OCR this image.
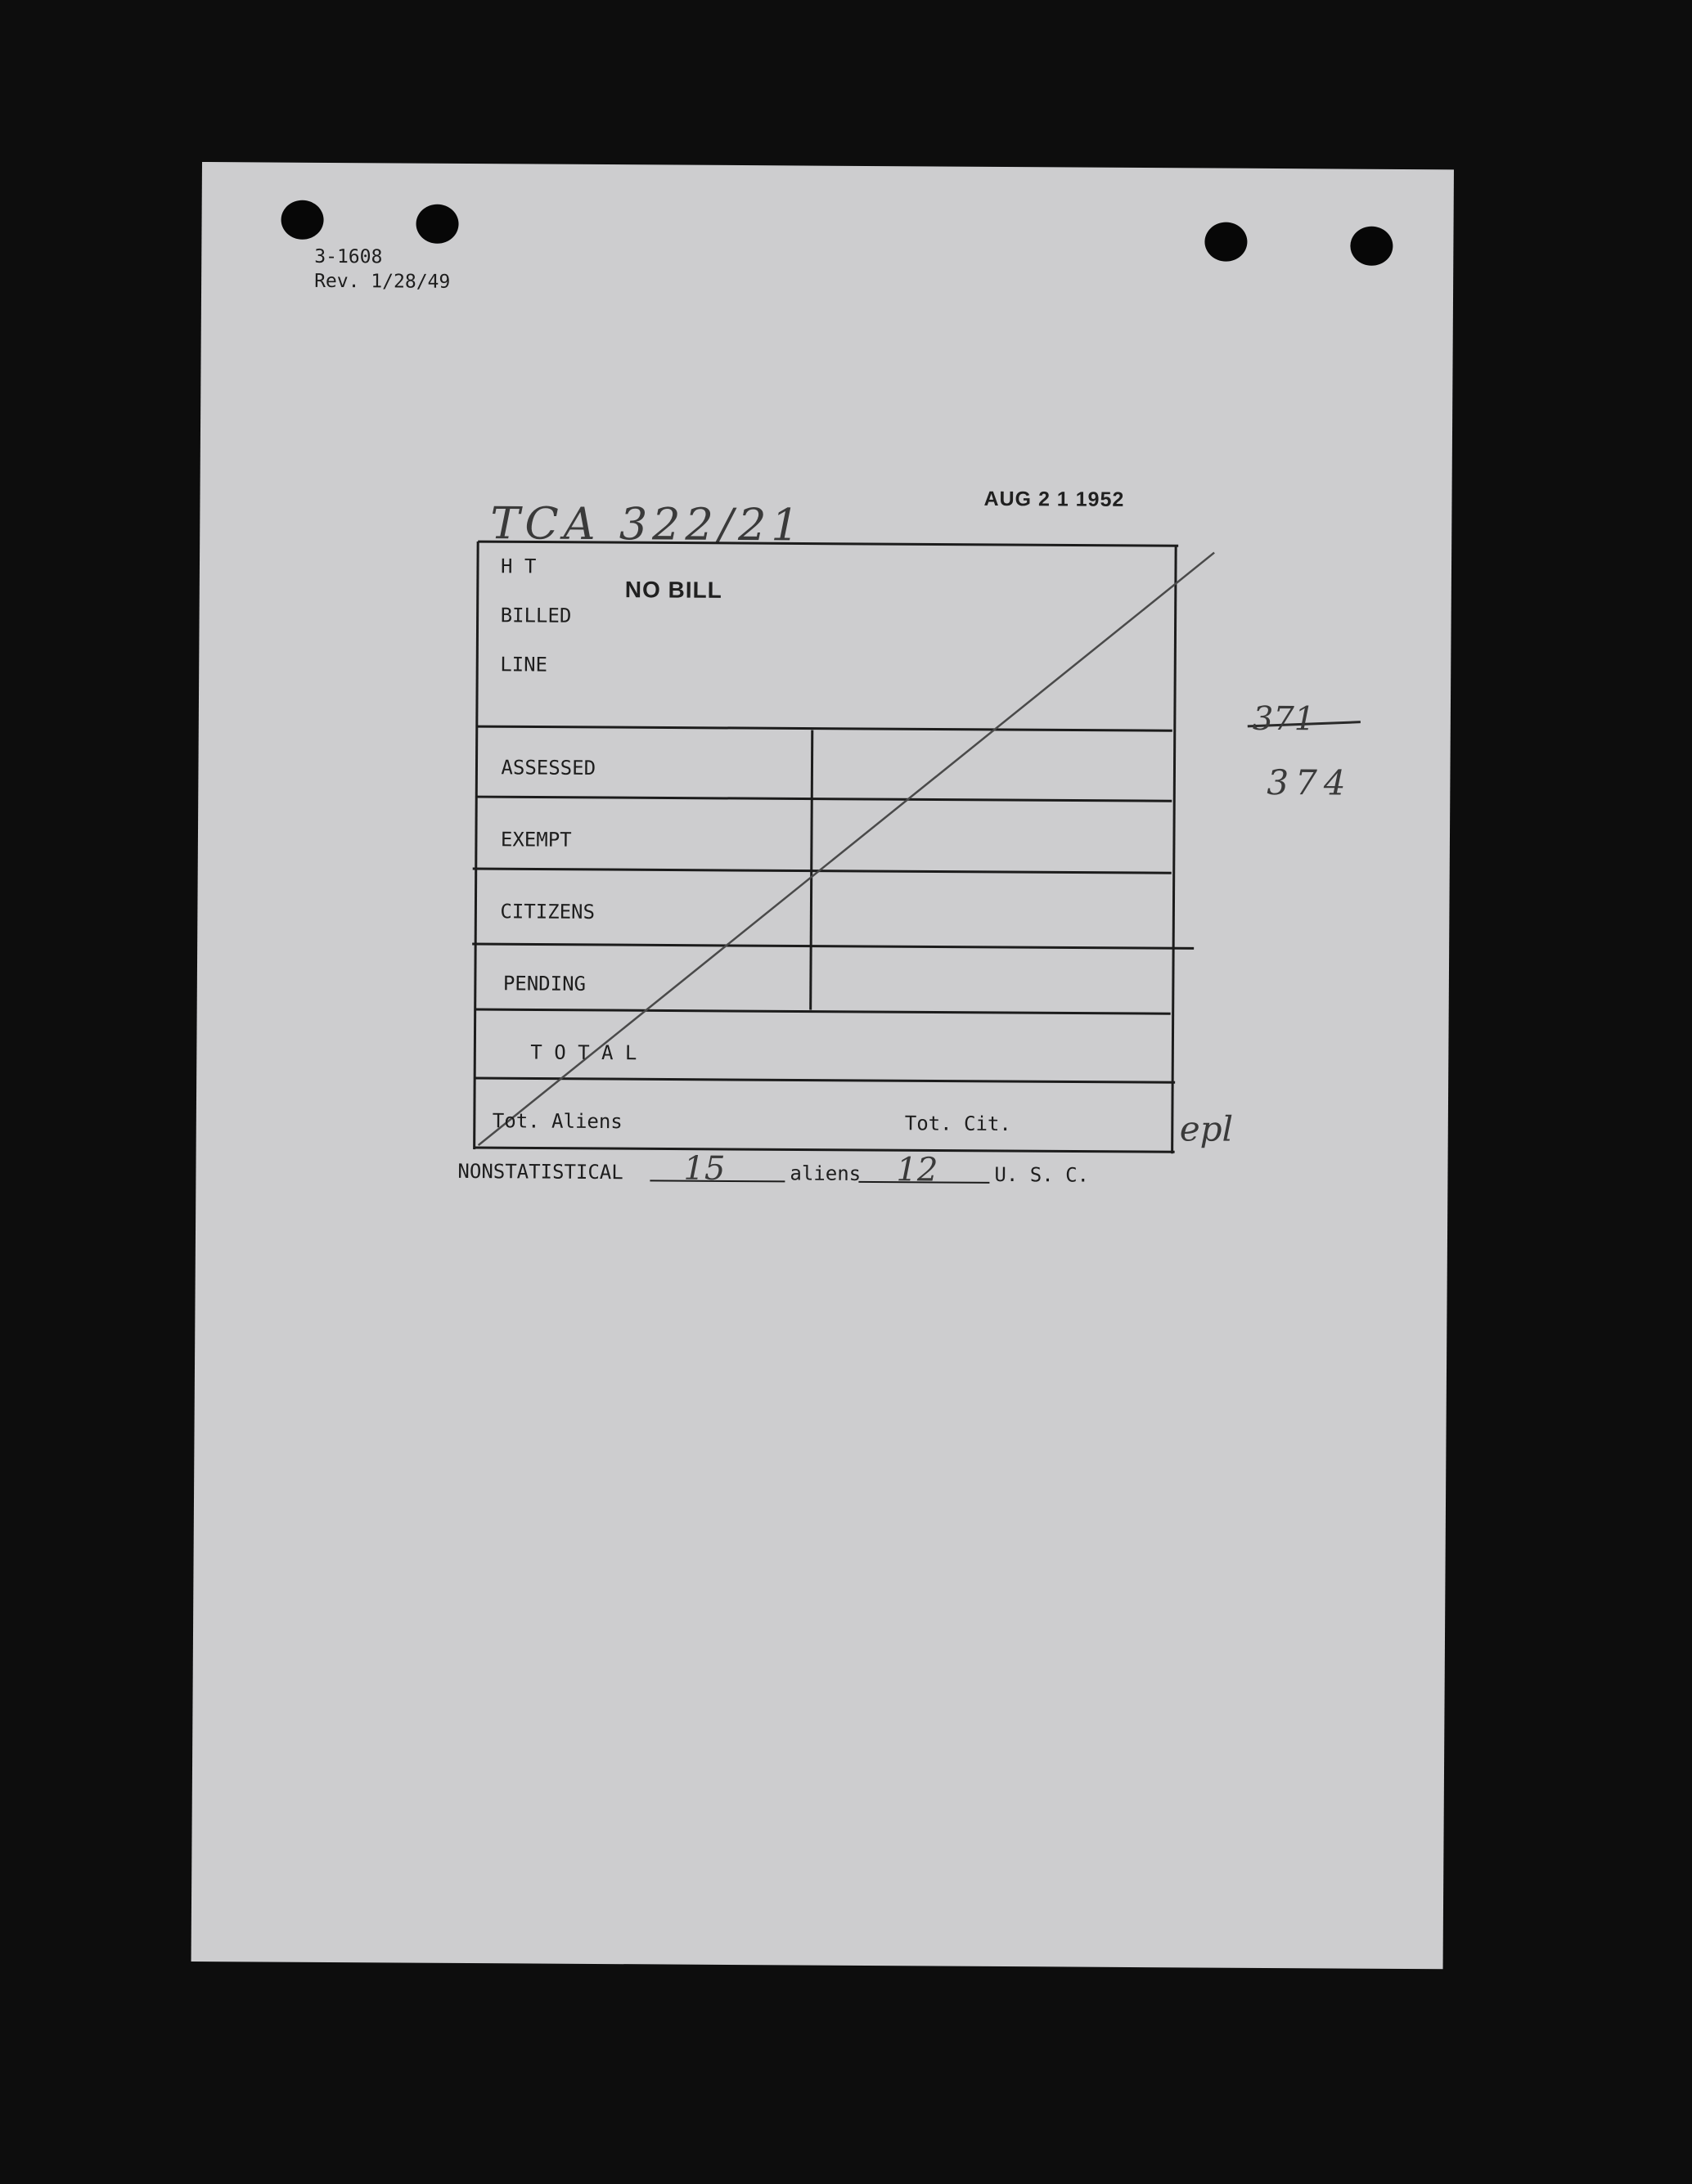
3-1608
Rev. 1/28/49
TCA 322/21	AUG 2 1 1952
H T
BILLED
LINE
NO BILL
ASSESSED
EXEMPT
CITIZENS
PENDING
T O T A L
Tot. Aliens	Tot. Cit.	epl
371
374
NONSTATISTICAL 15	aliens 12	U. S. C.
